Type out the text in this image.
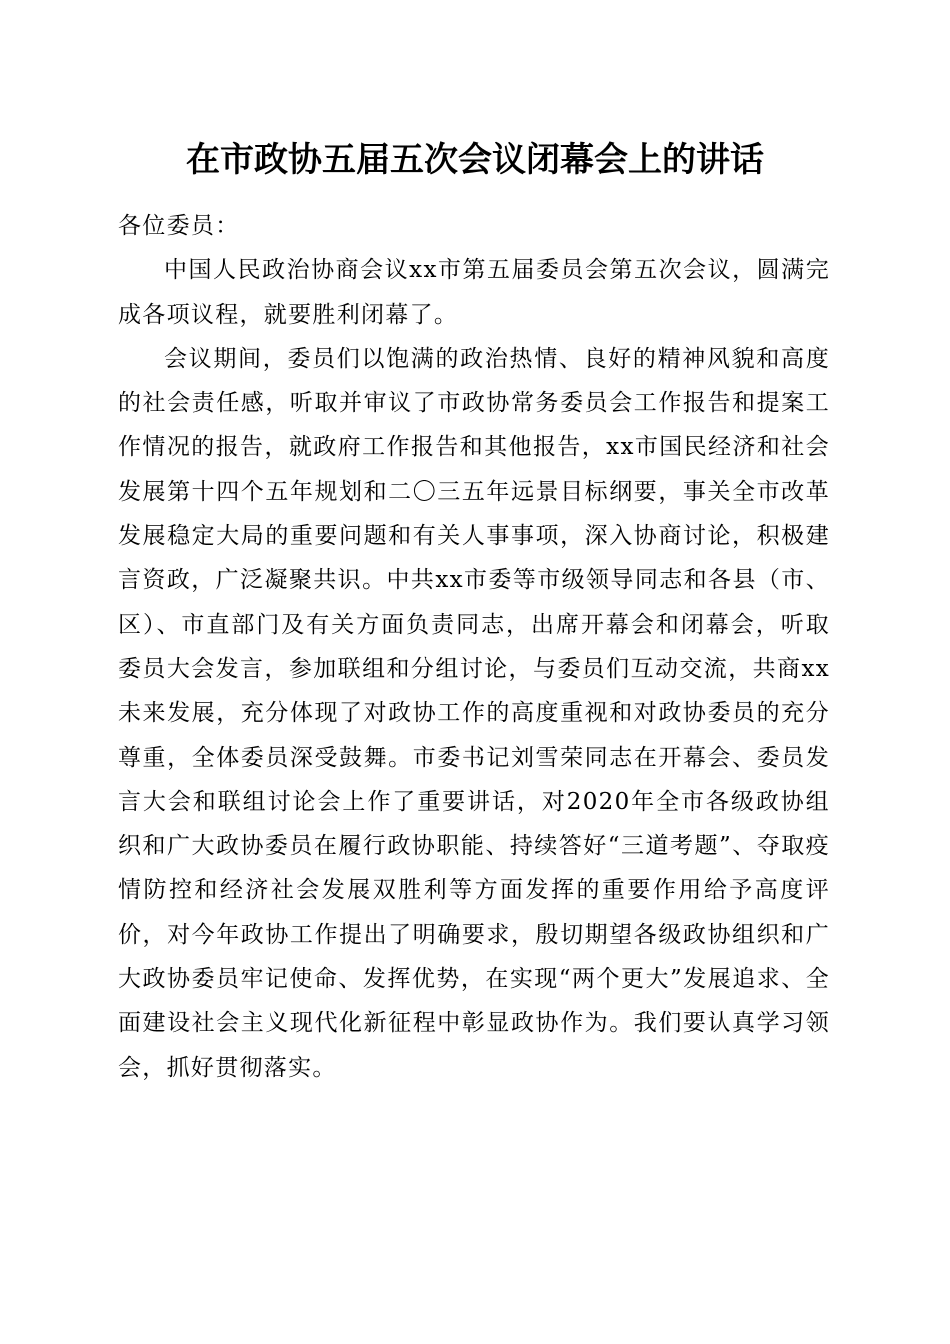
在市政协五届五次会议闭幕会上的讲话

各位委员：

中国人民政治协商会议xx市第五届委员会第五次会议，圆满完成各项议程，就要胜利闭幕了。

会议期间，委员们以饱满的政治热情、良好的精神风貌和高度的社会责任感，听取并审议了市政协常务委员会工作报告和提案工作情况的报告，就政府工作报告和其他报告，xx市国民经济和社会发展第十四个五年规划和二〇三五年远景目标纲要，事关全市改革发展稳定大局的重要问题和有关人事事项，深入协商讨论，积极建言资政，广泛凝聚共识。中共xx市委等市级领导同志和各县（市、区）、市直部门及有关方面负责同志，出席开幕会和闭幕会，听取委员大会发言，参加联组和分组讨论，与委员们互动交流，共商xx未来发展，充分体现了对政协工作的高度重视和对政协委员的充分尊重，全体委员深受鼓舞。市委书记刘雪荣同志在开幕会、委员发言大会和联组讨论会上作了重要讲话，对2020年全市各级政协组织和广大政协委员在履行政协职能、持续答好“三道考题”、夺取疫情防控和经济社会发展双胜利等方面发挥的重要作用给予高度评价，对今年政协工作提出了明确要求，殷切期望各级政协组织和广大政协委员牢记使命、发挥优势，在实现“两个更大”发展追求、全面建设社会主义现代化新征程中彰显政协作为。我们要认真学习领会，抓好贯彻落实。
